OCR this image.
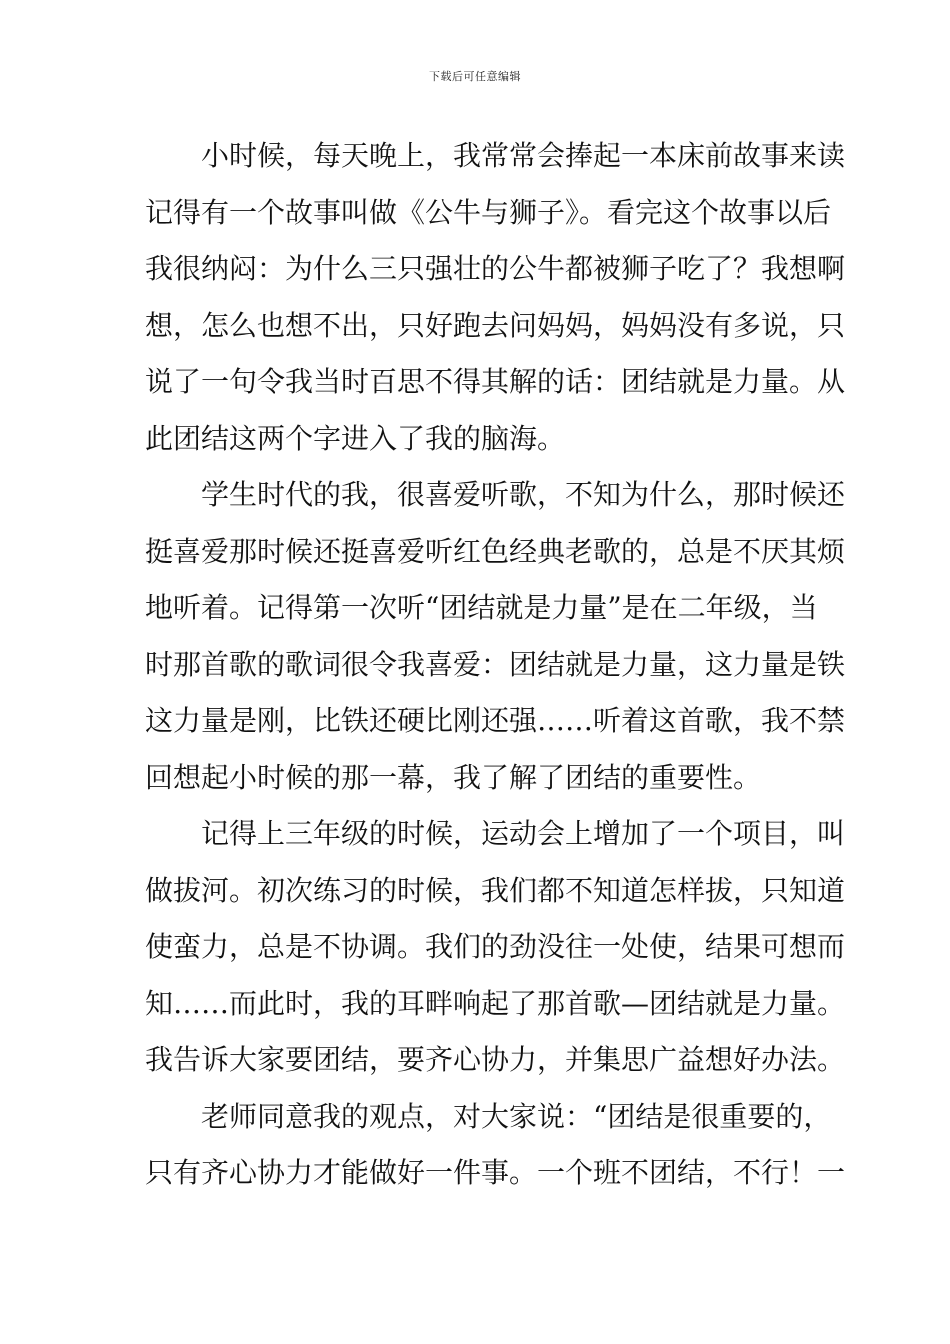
下载后可任意编辑
小时候，每天晚上，我常常会捧起一本床前故事来读
记得有一个故事叫做《公牛与狮子》。看完这个故事以后
我很纳闷：为什么三只强壮的公牛都被狮子吃了？我想啊
想，怎么也想不出，只好跑去问妈妈，妈妈没有多说，只
说了一句令我当时百思不得其解的话：团结就是力量。从
此团结这两个字进入了我的脑海。
学生时代的我，很喜爱听歌，不知为什么，那时候还
挺喜爱那时候还挺喜爱听红色经典老歌的，总是不厌其烦
地听着。记得第一次听“团结就是力量”是在二年级，当
时那首歌的歌词很令我喜爱：团结就是力量，这力量是铁
这力量是刚，比铁还硬比刚还强……听着这首歌，我不禁
回想起小时候的那一幕，我了解了团结的重要性。
记得上三年级的时候，运动会上增加了一个项目，叫
做拔河。初次练习的时候，我们都不知道怎样拔，只知道
使蛮力，总是不协调。我们的劲没往一处使，结果可想而
知……而此时，我的耳畔响起了那首歌—团结就是力量。
我告诉大家要团结，要齐心协力，并集思广益想好办法。
老师同意我的观点，对大家说：“团结是很重要的，
只有齐心协力才能做好一件事。一个班不团结，不行！一
